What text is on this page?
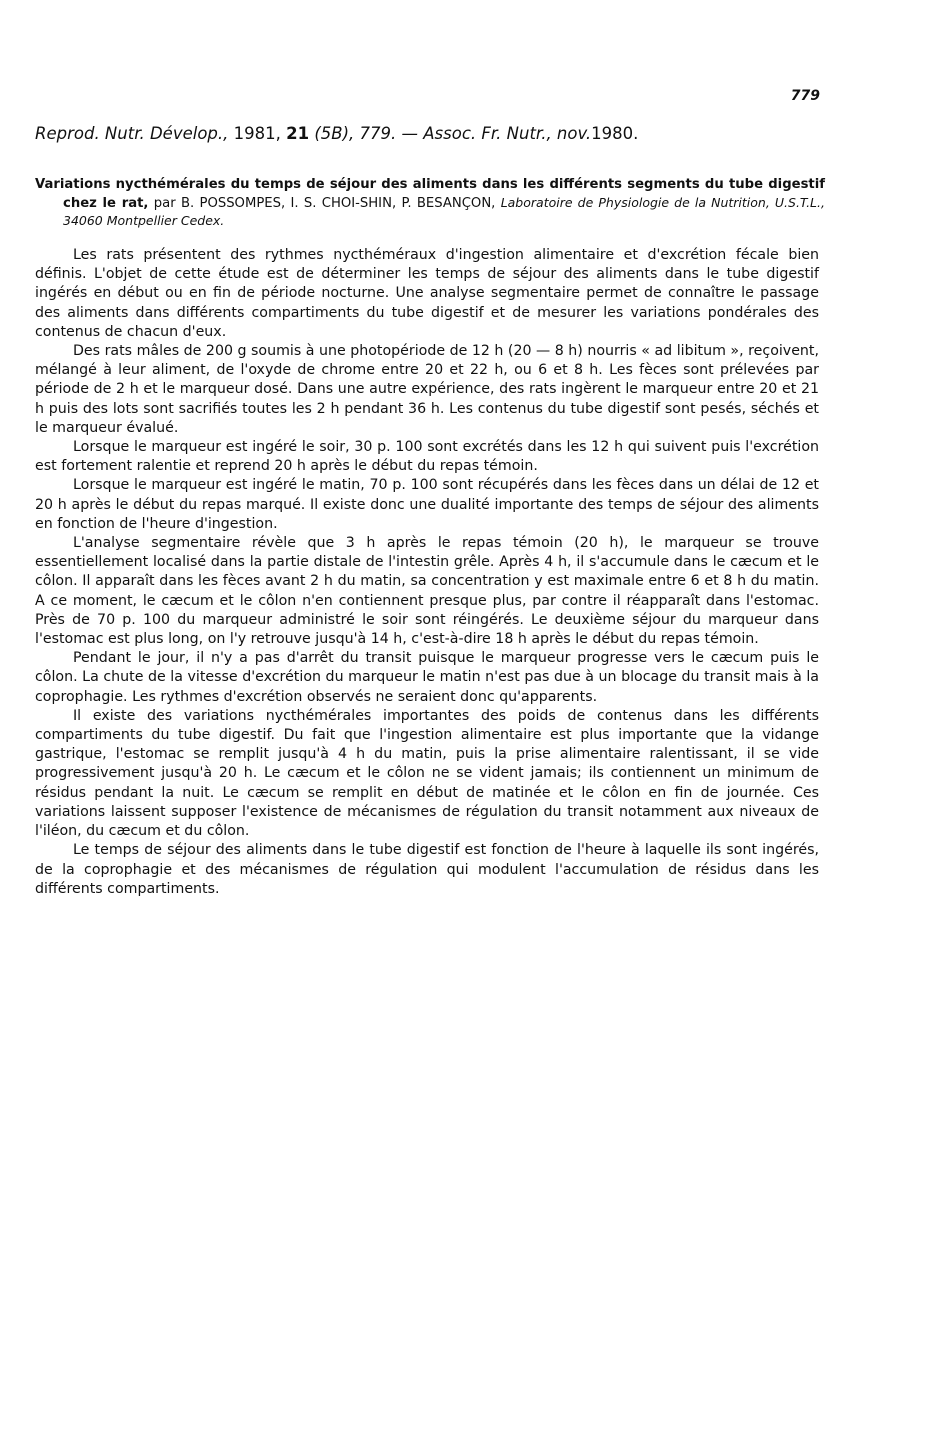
779
Reprod. Nutr. Dévelop., 1981, 21 (5B), 779. — Assoc. Fr. Nutr., nov.1980.
Variations nycthémérales du temps de séjour des aliments dans les différents segments du tube digestif chez le rat, par B. POSSOMPES, I. S. CHOI-SHIN, P. BESANÇON, Laboratoire de Physiologie de la Nutrition, U.S.T.L., 34060 Montpellier Cedex.

Les rats présentent des rythmes nycthéméraux d'ingestion alimentaire et d'excrétion fécale bien définis. L'objet de cette étude est de déterminer les temps de séjour des aliments dans le tube digestif ingérés en début ou en fin de période nocturne. Une analyse segmentaire permet de connaître le passage des aliments dans différents compartiments du tube digestif et de mesurer les variations pondérales des contenus de chacun d'eux.

Des rats mâles de 200 g soumis à une photopériode de 12 h (20 — 8 h) nourris « ad libitum », reçoivent, mélangé à leur aliment, de l'oxyde de chrome entre 20 et 22 h, ou 6 et 8 h. Les fèces sont prélevées par période de 2 h et le marqueur dosé. Dans une autre expérience, des rats ingèrent le marqueur entre 20 et 21 h puis des lots sont sacrifiés toutes les 2 h pendant 36 h. Les contenus du tube digestif sont pesés, séchés et le marqueur évalué.

Lorsque le marqueur est ingéré le soir, 30 p. 100 sont excrétés dans les 12 h qui suivent puis l'excrétion est fortement ralentie et reprend 20 h après le début du repas témoin.

Lorsque le marqueur est ingéré le matin, 70 p. 100 sont récupérés dans les fèces dans un délai de 12 et 20 h après le début du repas marqué. Il existe donc une dualité importante des temps de séjour des aliments en fonction de l'heure d'ingestion.

L'analyse segmentaire révèle que 3 h après le repas témoin (20 h), le marqueur se trouve essentiellement localisé dans la partie distale de l'intestin grêle. Après 4 h, il s'accumule dans le cæcum et le côlon. Il apparaît dans les fèces avant 2 h du matin, sa concentration y est maximale entre 6 et 8 h du matin. A ce moment, le cæcum et le côlon n'en contiennent presque plus, par contre il réapparaît dans l'estomac. Près de 70 p. 100 du marqueur administré le soir sont réingérés. Le deuxième séjour du marqueur dans l'estomac est plus long, on l'y retrouve jusqu'à 14 h, c'est-à-dire 18 h après le début du repas témoin.

Pendant le jour, il n'y a pas d'arrêt du transit puisque le marqueur progresse vers le cæcum puis le côlon. La chute de la vitesse d'excrétion du marqueur le matin n'est pas due à un blocage du transit mais à la coprophagie. Les rythmes d'excrétion observés ne seraient donc qu'apparents.

Il existe des variations nycthémérales importantes des poids de contenus dans les différents compartiments du tube digestif. Du fait que l'ingestion alimentaire est plus importante que la vidange gastrique, l'estomac se remplit jusqu'à 4 h du matin, puis la prise alimentaire ralentissant, il se vide progressivement jusqu'à 20 h. Le cæcum et le côlon ne se vident jamais; ils contiennent un minimum de résidus pendant la nuit. Le cæcum se remplit en début de matinée et le côlon en fin de journée. Ces variations laissent supposer l'existence de mécanismes de régulation du transit notamment aux niveaux de l'iléon, du cæcum et du côlon.

Le temps de séjour des aliments dans le tube digestif est fonction de l'heure à laquelle ils sont ingérés, de la coprophagie et des mécanismes de régulation qui modulent l'accumulation de résidus dans les différents compartiments.
